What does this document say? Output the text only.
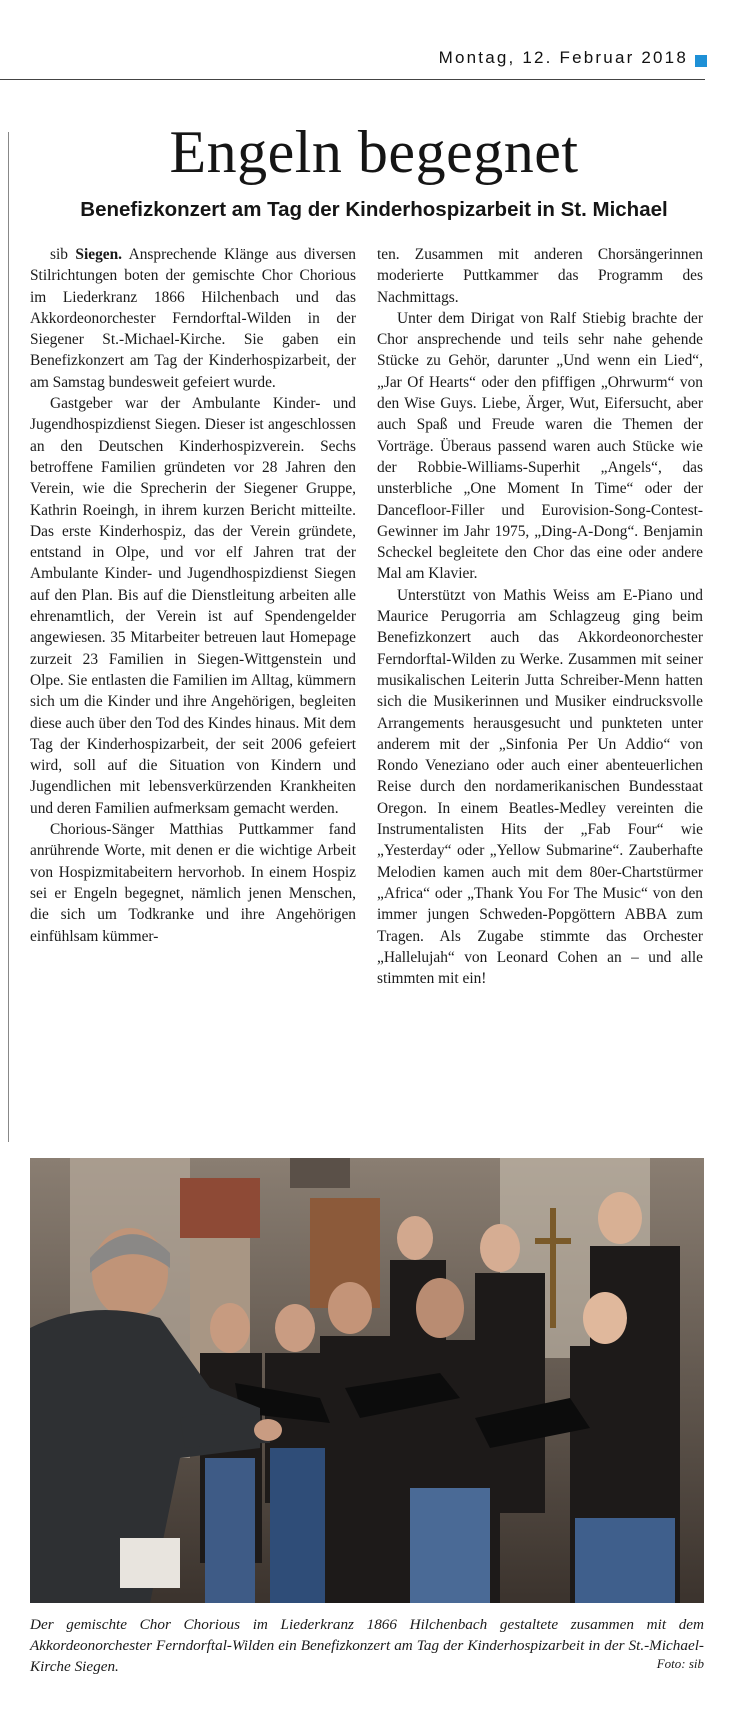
Montag, 12. Februar 2018
Engeln begegnet
Benefizkonzert am Tag der Kinderhospizarbeit in St. Michael

sib Siegen. Ansprechende Klänge aus diversen Stilrichtungen boten der gemischte Chor Chorious im Liederkranz 1866 Hilchenbach und das Akkordeonorchester Ferndorftal-Wilden in der Siegener St.-Michael-Kirche. Sie gaben ein Benefizkonzert am Tag der Kinderhospizarbeit, der am Samstag bundesweit gefeiert wurde.

Gastgeber war der Ambulante Kinder- und Jugendhospizdienst Siegen. Dieser ist angeschlossen an den Deutschen Kinderhospizverein. Sechs betroffene Familien gründeten vor 28 Jahren den Verein, wie die Sprecherin der Siegener Gruppe, Kathrin Roeingh, in ihrem kurzen Bericht mitteilte. Das erste Kinderhospiz, das der Verein gründete, entstand in Olpe, und vor elf Jahren trat der Ambulante Kinder- und Jugendhospizdienst Siegen auf den Plan. Bis auf die Dienstleitung arbeiten alle ehrenamtlich, der Verein ist auf Spendengelder angewiesen. 35 Mitarbeiter betreuen laut Homepage zurzeit 23 Familien in Siegen-Wittgenstein und Olpe. Sie entlasten die Familien im Alltag, kümmern sich um die Kinder und ihre Angehörigen, begleiten diese auch über den Tod des Kindes hinaus. Mit dem Tag der Kinderhospizarbeit, der seit 2006 gefeiert wird, soll auf die Situation von Kindern und Jugendlichen mit lebensverkürzenden Krankheiten und deren Familien aufmerksam gemacht werden.

Chorious-Sänger Matthias Puttkammer fand anrührende Worte, mit denen er die wichtige Arbeit von Hospizmitabeitern hervorhob. In einem Hospiz sei er Engeln begegnet, nämlich jenen Menschen, die sich um Todkranke und ihre Angehörigen einfühlsam kümmer-

ten. Zusammen mit anderen Chorsängerinnen moderierte Puttkammer das Programm des Nachmittags.

Unter dem Dirigat von Ralf Stiebig brachte der Chor ansprechende und teils sehr nahe gehende Stücke zu Gehör, darunter „Und wenn ein Lied“, „Jar Of Hearts“ oder den pfiffigen „Ohrwurm“ von den Wise Guys. Liebe, Ärger, Wut, Eifersucht, aber auch Spaß und Freude waren die Themen der Vorträge. Überaus passend waren auch Stücke wie der Robbie-Williams-Superhit „Angels“, das unsterbliche „One Moment In Time“ oder der Dancefloor-Filler und Eurovision-Song-Contest-Gewinner im Jahr 1975, „Ding-A-Dong“. Benjamin Scheckel begleitete den Chor das eine oder andere Mal am Klavier.

Unterstützt von Mathis Weiss am E-Piano und Maurice Perugorria am Schlagzeug ging beim Benefizkonzert auch das Akkordeonorchester Ferndorftal-Wilden zu Werke. Zusammen mit seiner musikalischen Leiterin Jutta Schreiber-Menn hatten sich die Musikerinnen und Musiker eindrucksvolle Arrangements herausgesucht und punkteten unter anderem mit der „Sinfonia Per Un Addio“ von Rondo Veneziano oder auch einer abenteuerlichen Reise durch den nordamerikanischen Bundesstaat Oregon. In einem Beatles-Medley vereinten die Instrumentalisten Hits der „Fab Four“ wie „Yesterday“ oder „Yellow Submarine“. Zauberhafte Melodien kamen auch mit dem 80er-Chartstürmer „Africa“ oder „Thank You For The Music“ von den immer jungen Schweden-Popgöttern ABBA zum Tragen. Als Zugabe stimmte das Orchester „Hallelujah“ von Leonard Cohen an – und alle stimmten mit ein!

Der gemischte Chor Chorious im Liederkranz 1866 Hilchenbach gestaltete zusammen mit dem Akkordeonorchester Ferndorftal-Wilden ein Benefizkonzert am Tag der Kinderhospizarbeit in der St.-Michael-Kirche Siegen.	Foto: sib
